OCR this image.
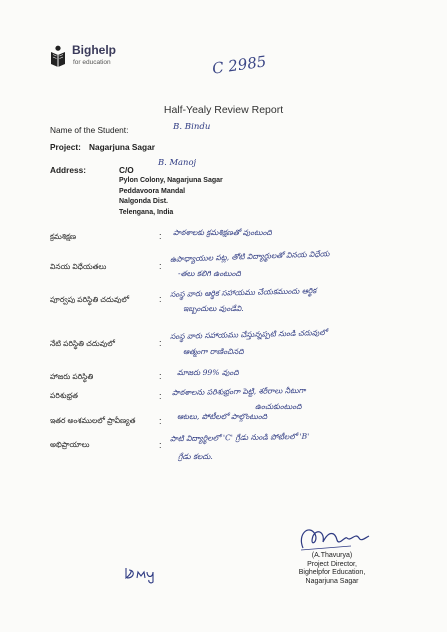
Bighelp
for education	C 2985
Half-Yealy Review Report
Name of the Student:	B. Bindu
Project: Nagarjuna Sagar
Address:	C/O
B. Manoj
Pylon Colony, Nagarjuna Sagar
Peddavoora Mandal
Nalgonda Dist.
Telengana, India
క్రమశిక్షణ	: పాఠశాలకు క్రమశిక్షణతో వుంటుంది
వినయ విధేయతలు	:
ఉపాధ్యాయుల పట్ల, తోటి విద్యార్థులతో వినయ విధేయ
-తలు కలిగి ఉంటుంది
పూర్వపు పరిస్థితి చదువులో	:
సంస్థ వారు ఆర్థిక సహాయము చేయకముందు ఆర్థిక
ఇబ్బందులు వుండేవి.
నేటి పరిస్థితి చదువులో	:
సంస్థ వారు సహాయము చేస్తున్నప్పటి నుండి చదువులో
ఆత్మంగా రాణించినది
హాజరు పరిస్థితి	: మాజరు 99% వుంది
పరిశుభ్రత	: పాఠశాలను పరిశుభ్రంగా పెట్టి, శరీరాలు నీటుగా
ఉంచుకుంటుంది
ఇతర అంశములలో ప్రావీణ్యత	: ఆటలు, పోటీలలో పాల్గొంటుంది
అభిప్రాయాలు	:
పాటి విద్యార్థిలలో 'C' గ్రేడు నుండి పోటీలలో 'B'
గ్రేడు కలదు.
(A.Thavurya)
Project Director,
Bighelpfor Education,
Nagarjuna Sagar
